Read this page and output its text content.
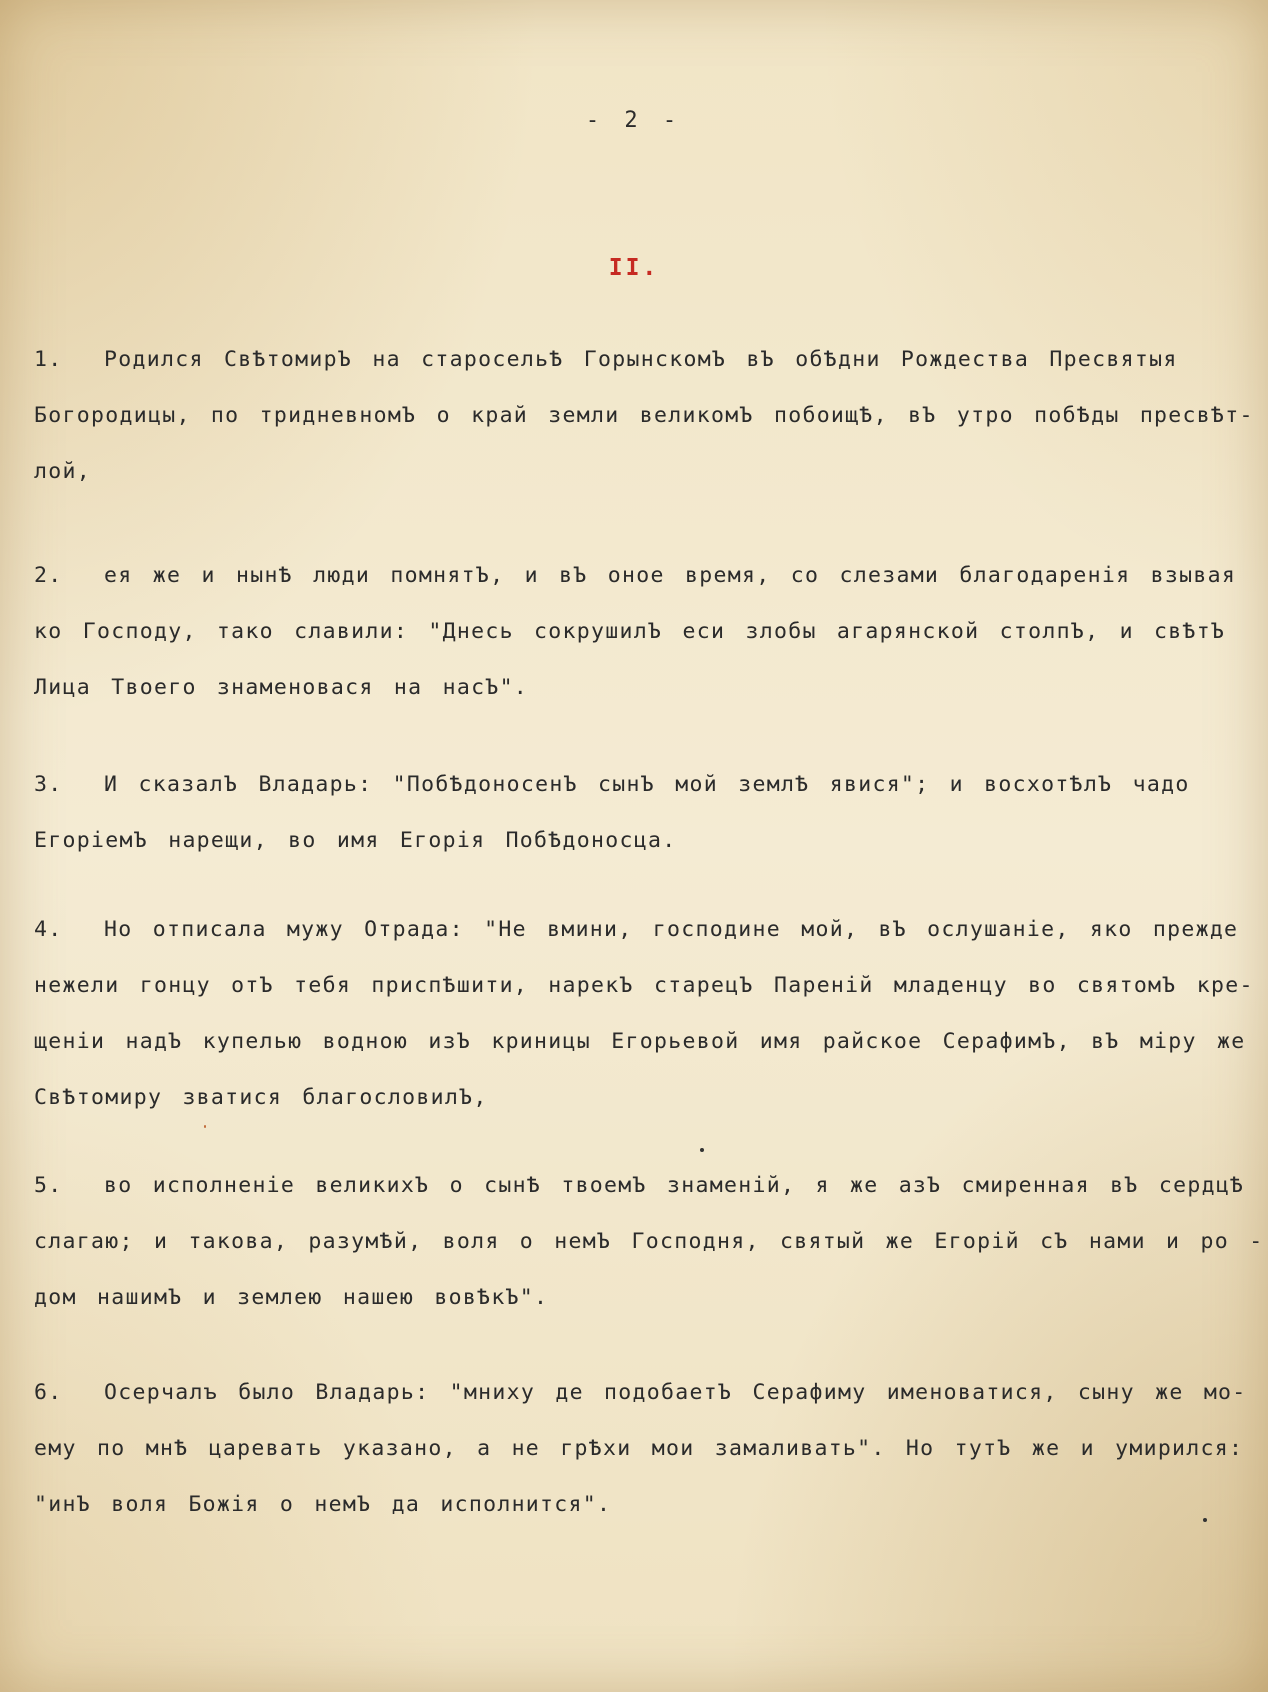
- 2 -
II.
1. Родился СвѢтомирЪ на старосельѢ ГорынскомЪ вЪ обѢдни Рождества Пресвятыя
Богородицы, по тридневномЪ о край земли великомЪ побоищѢ, вЪ утро побѢды пресвѢт-
лой,
2. ея же и нынѢ люди помнятЪ, и вЪ оное время, со слезами благодаренія взывая
ко Господу, тако славили: "Днесь сокрушилЪ еси злобы агарянской столпЪ, и свѢтЪ
Лица Твоего знаменовася на насЪ".
3. И сказалЪ Владарь: "ПобѢдоносенЪ сынЪ мой землѢ явися"; и восхотѢлЪ чадо
ЕгоріемЪ нарещи, во имя Егорія ПобѢдоносца.
4. Но отписала мужу Отрада: "Не вмини, господине мой, вЪ ослушаніе, яко прежде
нежели гонцу отЪ тебя приспѢшити, нарекЪ старецЪ Пареній младенцу во святомЪ кре-
щеніи надЪ купелью водною изЪ криницы Егорьевой имя райское СерафимЪ, вЪ міру же
СвѢтомиру зватися благословилЪ,
5. во исполненіе великихЪ о сынѢ твоемЪ знаменій, я же азЪ смиренная вЪ сердцѢ
слагаю; и такова, разумѢй, воля о немЪ Господня, святый же Егорій сЪ нами и ро -
дом нашимЪ и землею нашею вовѢкЪ".
6. Осерчалъ было Владарь: "мниху де подобаетЪ Серафиму именоватися, сыну же мо-
ему по мнѢ царевать указано, а не грѢхи мои замаливать". Но тутЪ же и умирился:
"инЪ воля Божія о немЪ да исполнится".
